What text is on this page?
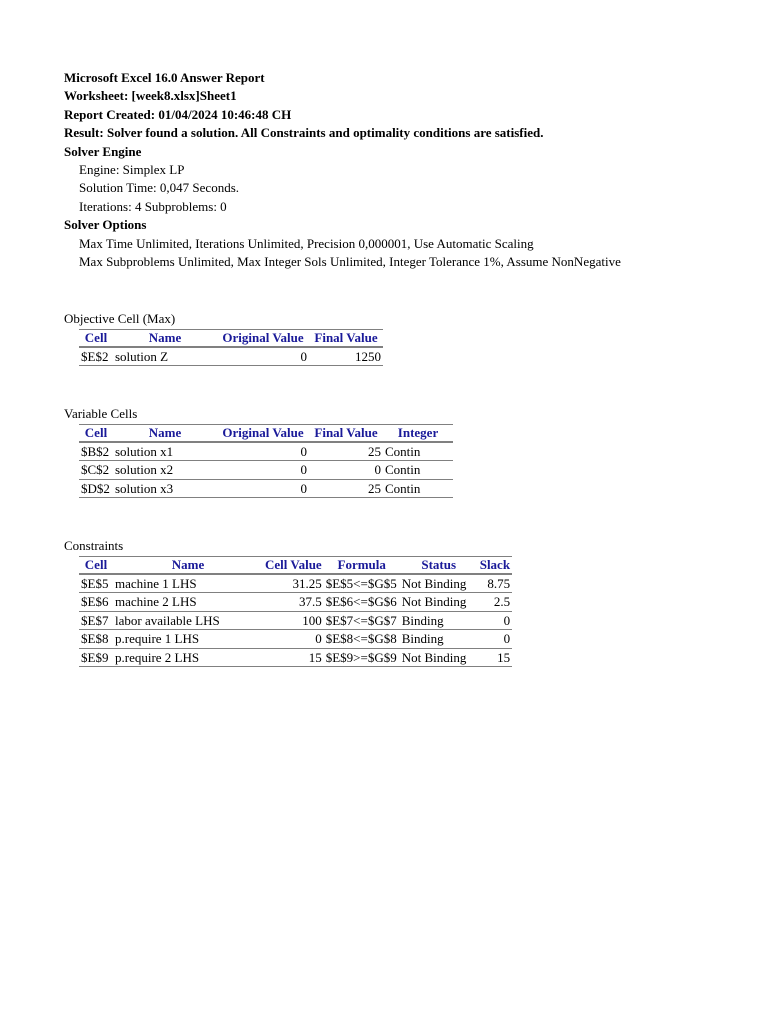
Microsoft Excel 16.0 Answer Report
Worksheet: [week8.xlsx]Sheet1
Report Created: 01/04/2024 10:46:48 CH
Result: Solver found a solution. All Constraints and optimality conditions are satisfied.
Solver Engine
Engine: Simplex LP
Solution Time: 0,047 Seconds.
Iterations: 4 Subproblems: 0
Solver Options
Max Time Unlimited, Iterations Unlimited, Precision 0,000001, Use Automatic Scaling
Max Subproblems Unlimited, Max Integer Sols Unlimited, Integer Tolerance 1%, Assume NonNegative
Objective Cell (Max)
Cell	Name	Original Value	Final Value
$E$2	solution Z	0	1250
Variable Cells
Cell	Name	Original Value	Final Value	Integer
$B$2	solution x1	0	25	Contin
$C$2	solution x2	0	0	Contin
$D$2	solution x3	0	25	Contin
Constraints
Cell	Name	Cell Value	Formula	Status	Slack
$E$5	machine 1 LHS	31.25	$E$5<=$G$5	Not Binding	8.75
$E$6	machine 2 LHS	37.5	$E$6<=$G$6	Not Binding	2.5
$E$7	labor available LHS	100	$E$7<=$G$7	Binding	0
$E$8	p.require 1 LHS	0	$E$8<=$G$8	Binding	0
$E$9	p.require 2 LHS	15	$E$9>=$G$9	Not Binding	15
